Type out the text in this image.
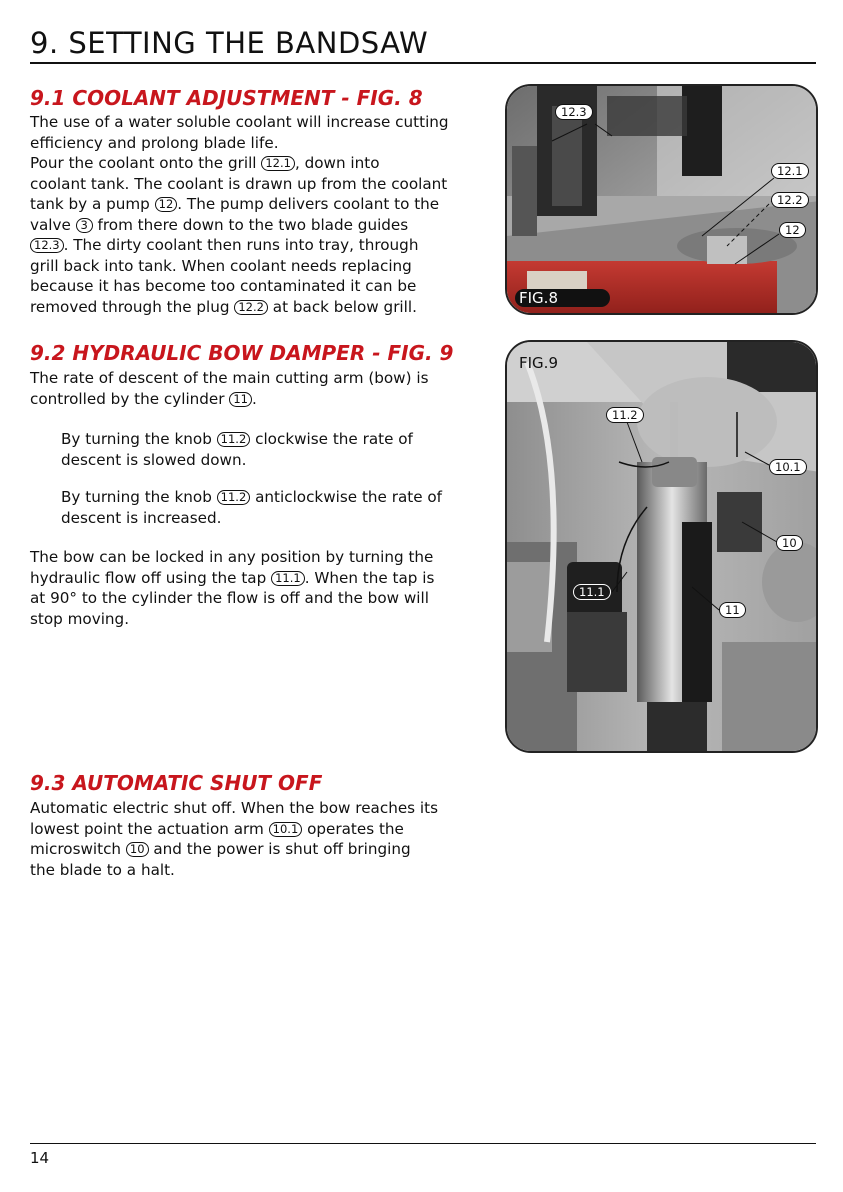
9. SETTING THE BANDSAW
9.1 COOLANT ADJUSTMENT - FIG. 8
The use of a water soluble coolant will increase cutting
efficiency and prolong blade life.
Pour the coolant onto the grill 12.1 , down into
coolant tank. The coolant is drawn up from the coolant
tank by a pump 12 . The pump delivers coolant to the
valve 3 from there down to the two blade guides
12.3 . The dirty coolant then runs into tray, through
grill back into tank. When coolant needs replacing
because it has become too contaminated it can be
removed through the plug 12.2 at back below grill.
9.2 HYDRAULIC BOW DAMPER - FIG. 9
The rate of descent of the main cutting arm (bow) is
controlled by the cylinder 11 .
By turning the knob 11.2 clockwise the rate of
descent is slowed down.
By turning the knob 11.2 anticlockwise the rate of
descent is increased.
The bow can be locked in any position by turning the
hydraulic flow off using the tap 11.1 . When the tap is
at 90° to the cylinder the flow is off and the bow will
stop moving.
9.3 AUTOMATIC SHUT OFF
Automatic electric shut off. When the bow reaches its
lowest point the actuation arm 10.1 operates the
microswitch 10 and the power is shut off bringing
the blade to a halt.
12.3
12.1
12.2
12
FIG.8
FIG.9
11.2
10.1
10
11.1
11
14
